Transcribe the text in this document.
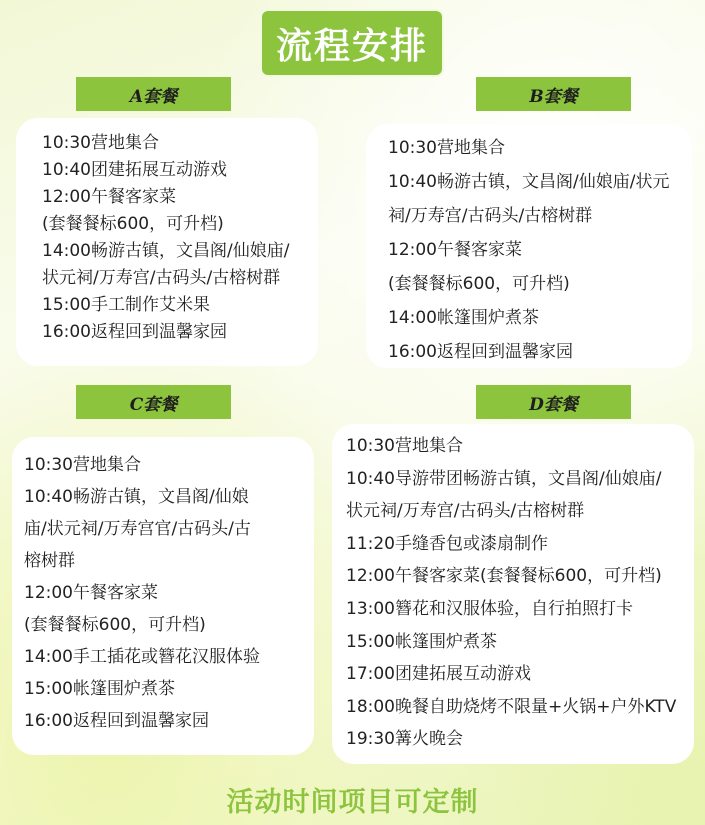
流程安排
A套餐
10:30营地集合
10:40团建拓展互动游戏
12:00午餐客家菜
(套餐餐标600，可升档)
14:00畅游古镇，文昌阁/仙娘庙/
状元祠/万寿宫/古码头/古榕树群
15:00手工制作艾米果
16:00返程回到温馨家园
B套餐
10:30营地集合
10:40畅游古镇，文昌阁/仙娘庙/状元
祠/万寿宫/古码头/古榕树群
12:00午餐客家菜
(套餐餐标600，可升档)
14:00帐篷围炉煮茶
16:00返程回到温馨家园
C套餐
10:30营地集合
10:40畅游古镇，文昌阁/仙娘
庙/状元祠/万寿宫官/古码头/古
榕树群
12:00午餐客家菜
(套餐餐标600，可升档)
14:00手工插花或簪花汉服体验
15:00帐篷围炉煮茶
16:00返程回到温馨家园
D套餐
10:30营地集合
10:40导游带团畅游古镇，文昌阁/仙娘庙/
状元祠/万寿宫/古码头/古榕树群
11:20手缝香包或漆扇制作
12:00午餐客家菜(套餐餐标600，可升档)
13:00簪花和汉服体验，自行拍照打卡
15:00帐篷围炉煮茶
17:00团建拓展互动游戏
18:00晚餐自助烧烤不限量+火锅+户外KTV
19:30篝火晚会
活动时间项目可定制
